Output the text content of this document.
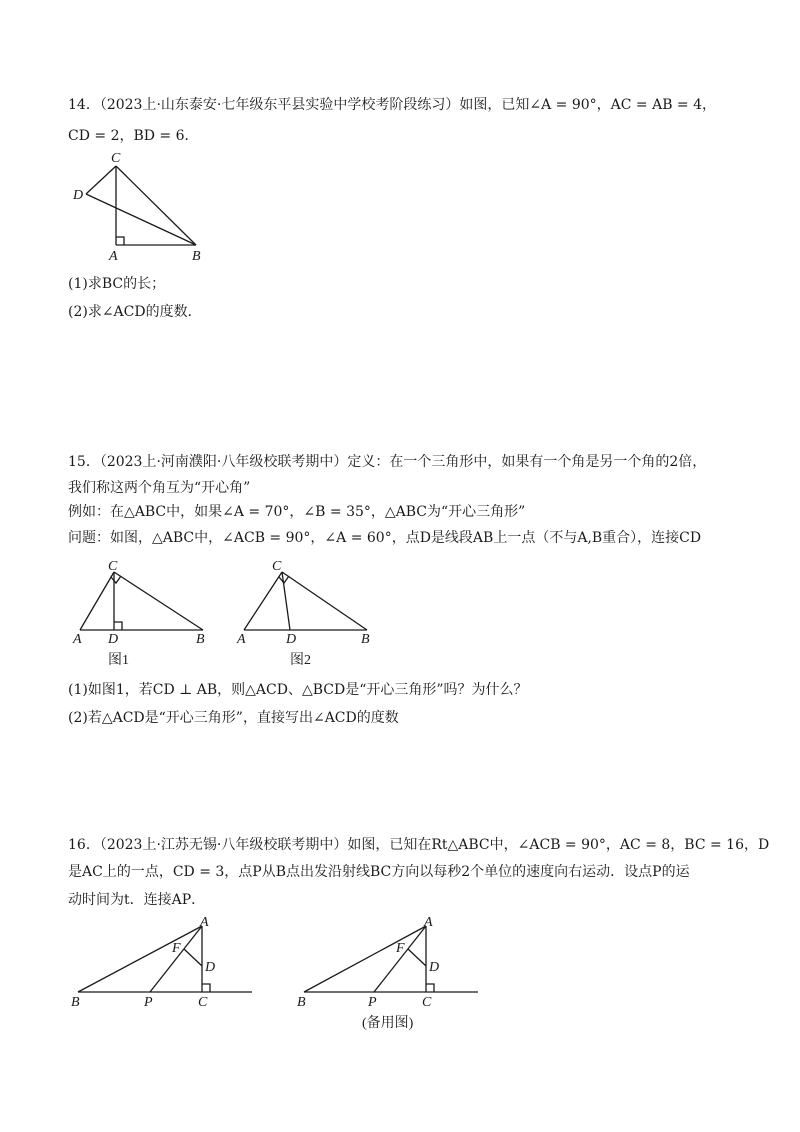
14．（2023上·山东泰安·七年级东平县实验中学校考阶段练习）如图，已知∠A = 90°，AC = AB = 4，
CD = 2，BD = 6．
C
D
A	B
(1)求BC的长；
(2)求∠ACD的度数．
15．（2023上·河南濮阳·八年级校联考期中）定义：在一个三角形中，如果有一个角是另一个角的2倍，
我们称这两个角互为“开心角”
例如：在△ABC中，如果∠A = 70°，∠B = 35°，△ABC为“开心三角形”
问题：如图，△ABC中，∠ACB = 90°，∠A = 60°，点D是线段AB上一点（不与A,B重合），连接CD
C
A D	B
图1
C
A	D	B
图2
(1)如图1，若CD ⊥ AB，则△ACD、△BCD是“开心三角形”吗？为什么？
(2)若△ACD是“开心三角形”，直接写出∠ACD的度数
16．（2023上·江苏无锡·八年级校联考期中）如图，已知在Rt△ABC中，∠ACB = 90°，AC = 8，BC = 16，D
是AC上的一点，CD = 3，点P从B点出发沿射线BC方向以每秒2个单位的速度向右运动．设点P的运
动时间为t．连接AP．
A
F
D
B	P	C
A
F
D
B	P	C
(备用图)
